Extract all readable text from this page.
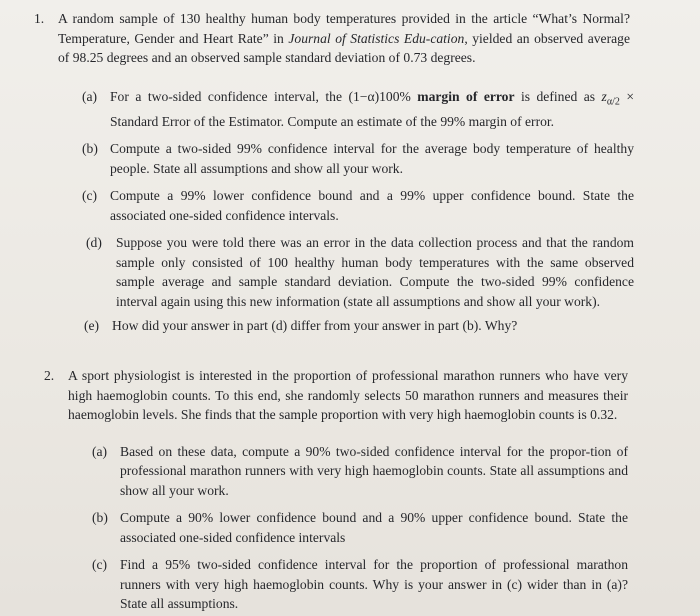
1. A random sample of 130 healthy human body temperatures provided in the article “What’s Normal? Temperature, Gender and Heart Rate” in Journal of Statistics Edu-cation, yielded an observed average of 98.25 degrees and an observed sample standard deviation of 0.73 degrees.

(a) For a two-sided confidence interval, the (1−α)100% margin of error is defined as $z_{\alpha/2}$ × Standard Error of the Estimator. Compute an estimate of the 99% margin of error.
(b) Compute a two-sided 99% confidence interval for the average body temperature of healthy people. State all assumptions and show all your work.
(c) Compute a 99% lower confidence bound and a 99% upper confidence bound. State the associated one-sided confidence intervals.
(d) Suppose you were told there was an error in the data collection process and that the random sample only consisted of 100 healthy human body temperatures with the same observed sample average and sample standard deviation. Compute the two-sided 99% confidence interval again using this new information (state all assumptions and show all your work).
(e) How did your answer in part (d) differ from your answer in part (b). Why?
2. A sport physiologist is interested in the proportion of professional marathon runners who have very high haemoglobin counts. To this end, she randomly selects 50 marathon runners and measures their haemoglobin levels. She finds that the sample proportion with very high haemoglobin counts is 0.32.

(a) Based on these data, compute a 90% two-sided confidence interval for the propor-tion of professional marathon runners with very high haemoglobin counts. State all assumptions and show all your work.
(b) Compute a 90% lower confidence bound and a 90% upper confidence bound. State the associated one-sided confidence intervals
(c) Find a 95% two-sided confidence interval for the proportion of professional marathon runners with very high haemoglobin counts. Why is your answer in (c) wider than in (a)? State all assumptions.
